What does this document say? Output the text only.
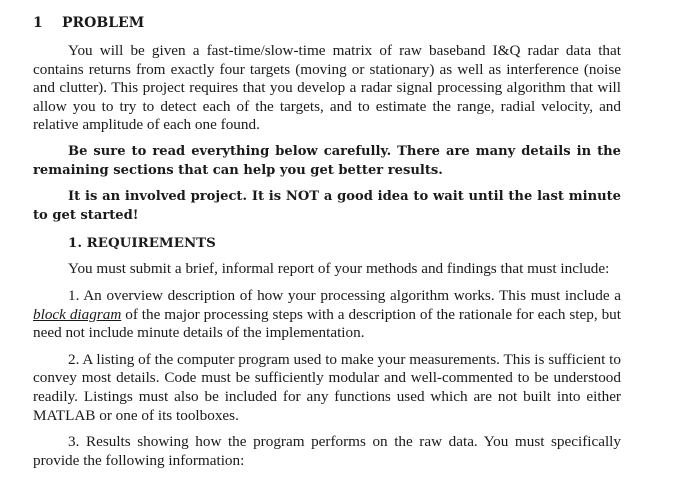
1	PROBLEM

You will be given a fast-time/slow-time matrix of raw baseband I&Q radar data that contains returns from exactly four targets (moving or stationary) as well as interference (noise and clutter). This project requires that you develop a radar signal processing algorithm that will allow you to try to detect each of the targets, and to estimate the range, radial velocity, and relative amplitude of each one found.

Be sure to read everything below carefully. There are many details in the remaining sections that can help you get better results.

It is an involved project. It is NOT a good idea to wait until the last minute to get started!

1. REQUIREMENTS

You must submit a brief, informal report of your methods and findings that must include:

1. An overview description of how your processing algorithm works. This must include a block diagram of the major processing steps with a description of the rationale for each step, but need not include minute details of the implementation.

2. A listing of the computer program used to make your measurements. This is sufficient to convey most details. Code must be sufficiently modular and well-commented to be understood readily. Listings must also be included for any functions used which are not built into either MATLAB or one of its toolboxes.

3. Results showing how the program performs on the raw data. You must specifically provide the following information:
